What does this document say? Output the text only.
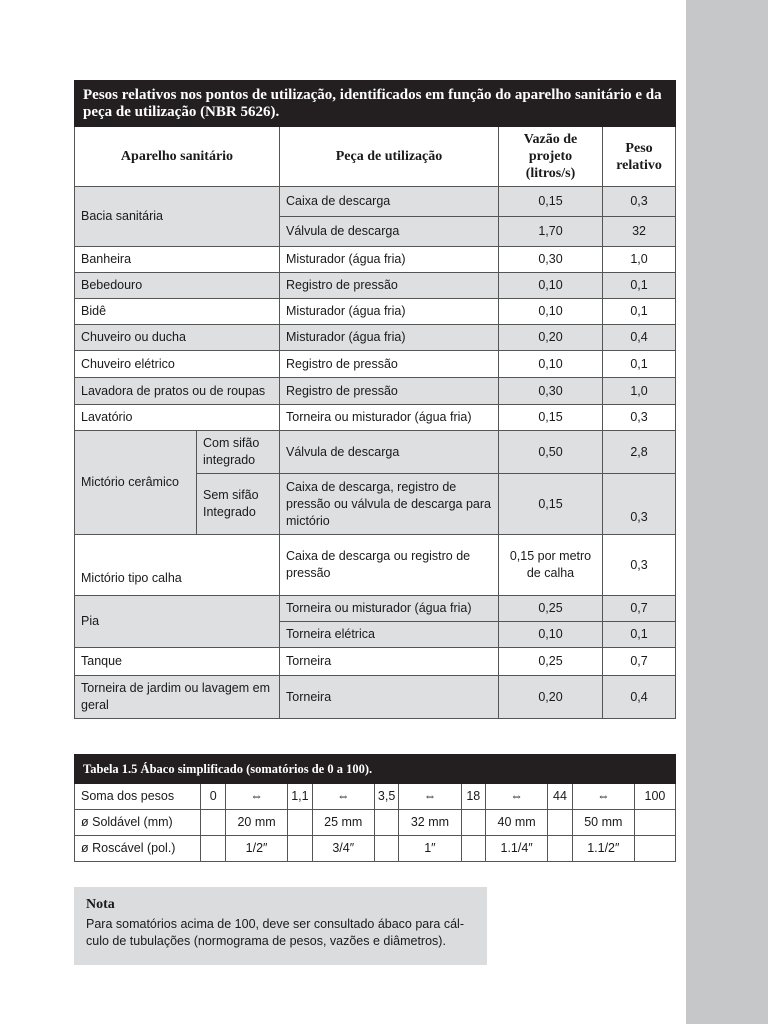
Pesos relativos nos pontos de utilização, identificados em função do aparelho sanitário e da peça de utilização (NBR 5626).				
Aparelho sanitário		Peça de utilização	Vazão de projeto (litros/s)	Peso relativo
Bacia sanitária		Caixa de descarga	0,15	0,3
		Válvula de descarga	1,70	32
Banheira		Misturador (água fria)	0,30	1,0
Bebedouro		Registro de pressão	0,10	0,1
Bidê		Misturador (água fria)	0,10	0,1
Chuveiro ou ducha		Misturador (água fria)	0,20	0,4
Chuveiro elétrico		Registro de pressão	0,10	0,1
Lavadora de pratos ou de roupas		Registro de pressão	0,30	1,0
Lavatório		Torneira ou misturador (água fria)	0,15	0,3
Mictório cerâmico	Com sifão integrado	Válvula de descarga	0,50	2,8
	Sem sifão Integrado	Caixa de descarga, registro de pressão ou válvula de descarga para mictório	0,15	0,3
Mictório tipo calha		Caixa de descarga ou registro de pressão	0,15 por metro de calha	0,3
Pia		Torneira ou misturador (água fria)	0,25	0,7
		Torneira elétrica	0,10	0,1
Tanque		Torneira	0,25	0,7
Torneira de jardim ou lavagem em geral		Torneira	0,20	0,4
Tabela 1.5 Ábaco simplificado (somatórios de 0 a 100).											
Soma dos pesos	0	⇔	1,1	⇔	3,5	⇔	18	⇔	44	⇔	100
ø Soldável (mm)		20 mm		25 mm		32 mm		40 mm		50 mm	
ø Roscável (pol.)		1/2″		3/4″		1″		1.1/4″		1.1/2″	
Nota
Para somatórios acima de 100, deve ser consultado ábaco para cál-
culo de tubulações (normograma de pesos, vazões e diâmetros).
